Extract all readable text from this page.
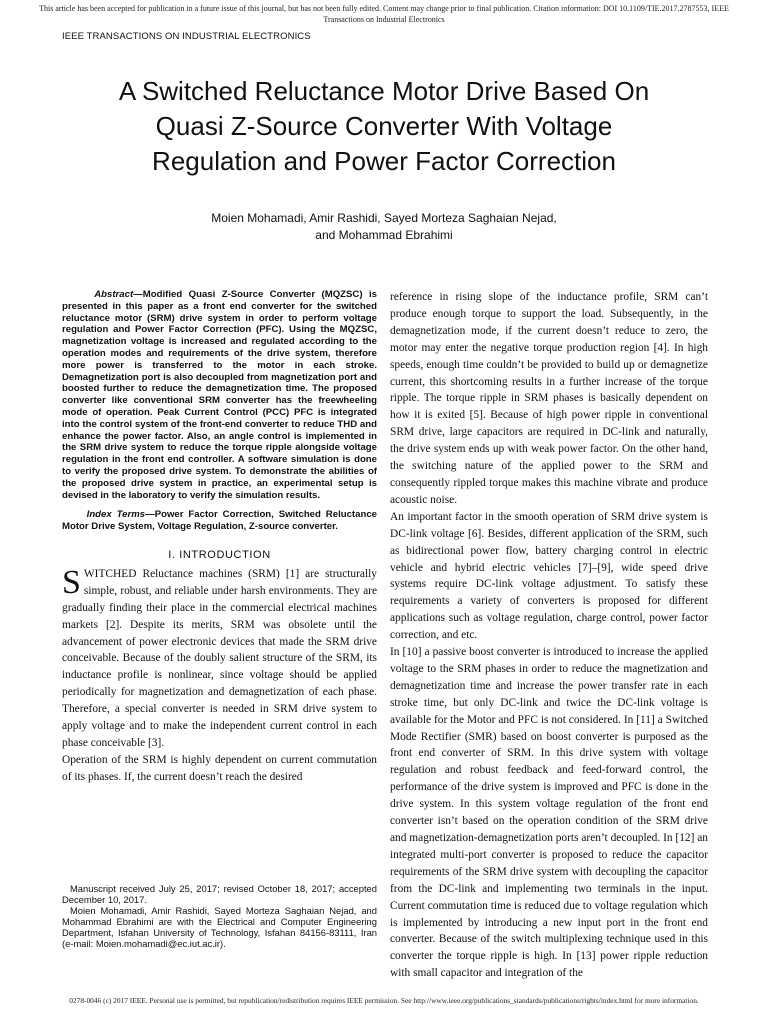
This article has been accepted for publication in a future issue of this journal, but has not been fully edited. Content may change prior to final publication. Citation information: DOI 10.1109/TIE.2017.2787553, IEEE Transactions on Industrial Electronics
IEEE TRANSACTIONS ON INDUSTRIAL ELECTRONICS
A Switched Reluctance Motor Drive Based On
Quasi Z-Source Converter With Voltage
Regulation and Power Factor Correction
Moien Mohamadi, Amir Rashidi, Sayed Morteza Saghaian Nejad,
and Mohammad Ebrahimi

Abstract—Modified Quasi Z-Source Converter (MQZSC) is presented in this paper as a front end converter for the switched reluctance motor (SRM) drive system in order to perform voltage regulation and Power Factor Correction (PFC). Using the MQZSC, magnetization voltage is increased and regulated according to the operation modes and requirements of the drive system, therefore more power is transferred to the motor in each stroke. Demagnetization port is also decoupled from magnetization port and boosted further to reduce the demagnetization time. The proposed converter like conventional SRM converter has the freewheeling mode of operation. Peak Current Control (PCC) PFC is integrated into the control system of the front-end converter to reduce THD and enhance the power factor. Also, an angle control is implemented in the SRM drive system to reduce the torque ripple alongside voltage regulation in the front end controller. A software simulation is done to verify the proposed drive system. To demonstrate the abilities of the proposed drive system in practice, an experimental setup is devised in the laboratory to verify the simulation results.

Index Terms—Power Factor Correction, Switched Reluctance Motor Drive System, Voltage Regulation, Z-source converter.

I. INTRODUCTION

SWITCHED Reluctance machines (SRM) [1] are structurally simple, robust, and reliable under harsh environments. They are gradually finding their place in the commercial electrical machines markets [2]. Despite its merits, SRM was obsolete until the advancement of power electronic devices that made the SRM drive conceivable. Because of the doubly salient structure of the SRM, its inductance profile is nonlinear, since voltage should be applied periodically for magnetization and demagnetization of each phase. Therefore, a special converter is needed in SRM drive system to apply voltage and to make the independent current control in each phase conceivable [3].

Operation of the SRM is highly dependent on current commutation of its phases. If, the current doesn’t reach the desired

Manuscript received July 25, 2017; revised October 18, 2017; accepted December 10, 2017.

Moien Mohamadi, Amir Rashidi, Sayed Morteza Saghaian Nejad, and Mohammad Ebrahimi are with the Electrical and Computer Engineering Department, Isfahan University of Technology, Isfahan 84156-83111, Iran (e-mail: Moien.mohamadi@ec.iut.ac.ir).

reference in rising slope of the inductance profile, SRM can’t produce enough torque to support the load. Subsequently, in the demagnetization mode, if the current doesn’t reduce to zero, the motor may enter the negative torque production region [4]. In high speeds, enough time couldn’t be provided to build up or demagnetize current, this shortcoming results in a further increase of the torque ripple. The torque ripple in SRM phases is basically dependent on how it is exited [5]. Because of high power ripple in conventional SRM drive, large capacitors are required in DC-link and naturally, the drive system ends up with weak power factor. On the other hand, the switching nature of the applied power to the SRM and consequently rippled torque makes this machine vibrate and produce acoustic noise.

An important factor in the smooth operation of SRM drive system is DC-link voltage [6]. Besides, different application of the SRM, such as bidirectional power flow, battery charging control in electric vehicle and hybrid electric vehicles [7]–[9], wide speed drive systems require DC-link voltage adjustment. To satisfy these requirements a variety of converters is proposed for different applications such as voltage regulation, charge control, power factor correction, and etc.

In [10] a passive boost converter is introduced to increase the applied voltage to the SRM phases in order to reduce the magnetization and demagnetization time and increase the power transfer rate in each stroke time, but only DC-link and twice the DC-link voltage is available for the Motor and PFC is not considered. In [11] a Switched Mode Rectifier (SMR) based on boost converter is purposed as the front end converter of SRM. In this drive system with voltage regulation and robust feedback and feed-forward control, the performance of the drive system is improved and PFC is done in the drive system. In this system voltage regulation of the front end converter isn’t based on the operation condition of the SRM drive and magnetization-demagnetization ports aren’t decoupled. In [12] an integrated multi-port converter is proposed to reduce the capacitor requirements of the SRM drive system with decoupling the capacitor from the DC-link and implementing two terminals in the input. Current commutation time is reduced due to voltage regulation which is implemented by introducing a new input port in the front end converter. Because of the switch multiplexing technique used in this converter the torque ripple is high. In [13] power ripple reduction with small capacitor and integration of the

0278-0046 (c) 2017 IEEE. Personal use is permitted, but republication/redistribution requires IEEE permission. See http://www.ieee.org/publications_standards/publications/rights/index.html for more information.
